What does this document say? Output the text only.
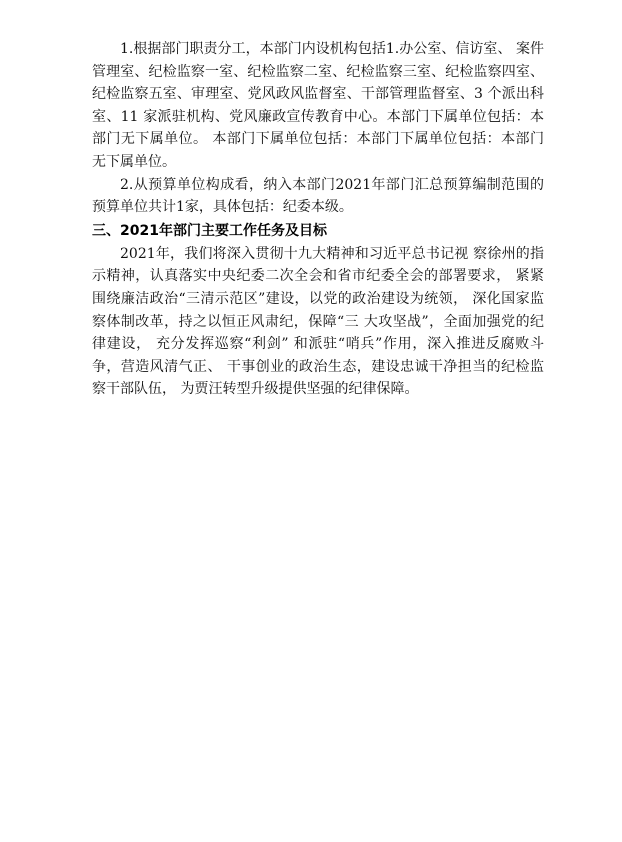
1.根据部门职责分工，本部门内设机构包括1.办公室、信访室、 案件管理室、纪检监察一室、纪检监察二室、纪检监察三室、纪检监察四室、纪检监察五室、审理室、党风政风监督室、干部管理监督室、3 个派出科室、11 家派驻机构、党风廉政宣传教育中心。本部门下属单位包括：本部门无下属单位。 本部门下属单位包括：本部门下属单位包括：本部门无下属单位。

2.从预算单位构成看，纳入本部门2021年部门汇总预算编制范围的预算单位共计1家，具体包括：纪委本级。

三、2021年部门主要工作任务及目标

2021年，我们将深入贯彻十九大精神和习近平总书记视 察徐州的指示精神，认真落实中央纪委二次全会和省市纪委全会的部署要求， 紧紧围绕廉洁政治“三清示范区”建设，以党的政治建设为统领， 深化国家监察体制改革，持之以恒正风肃纪，保障“三 大攻坚战”，全面加强党的纪律建设， 充分发挥巡察“利剑” 和派驻“哨兵”作用，深入推进反腐败斗争，营造风清气正、 干事创业的政治生态，建设忠诚干净担当的纪检监察干部队伍， 为贾汪转型升级提供坚强的纪律保障。
